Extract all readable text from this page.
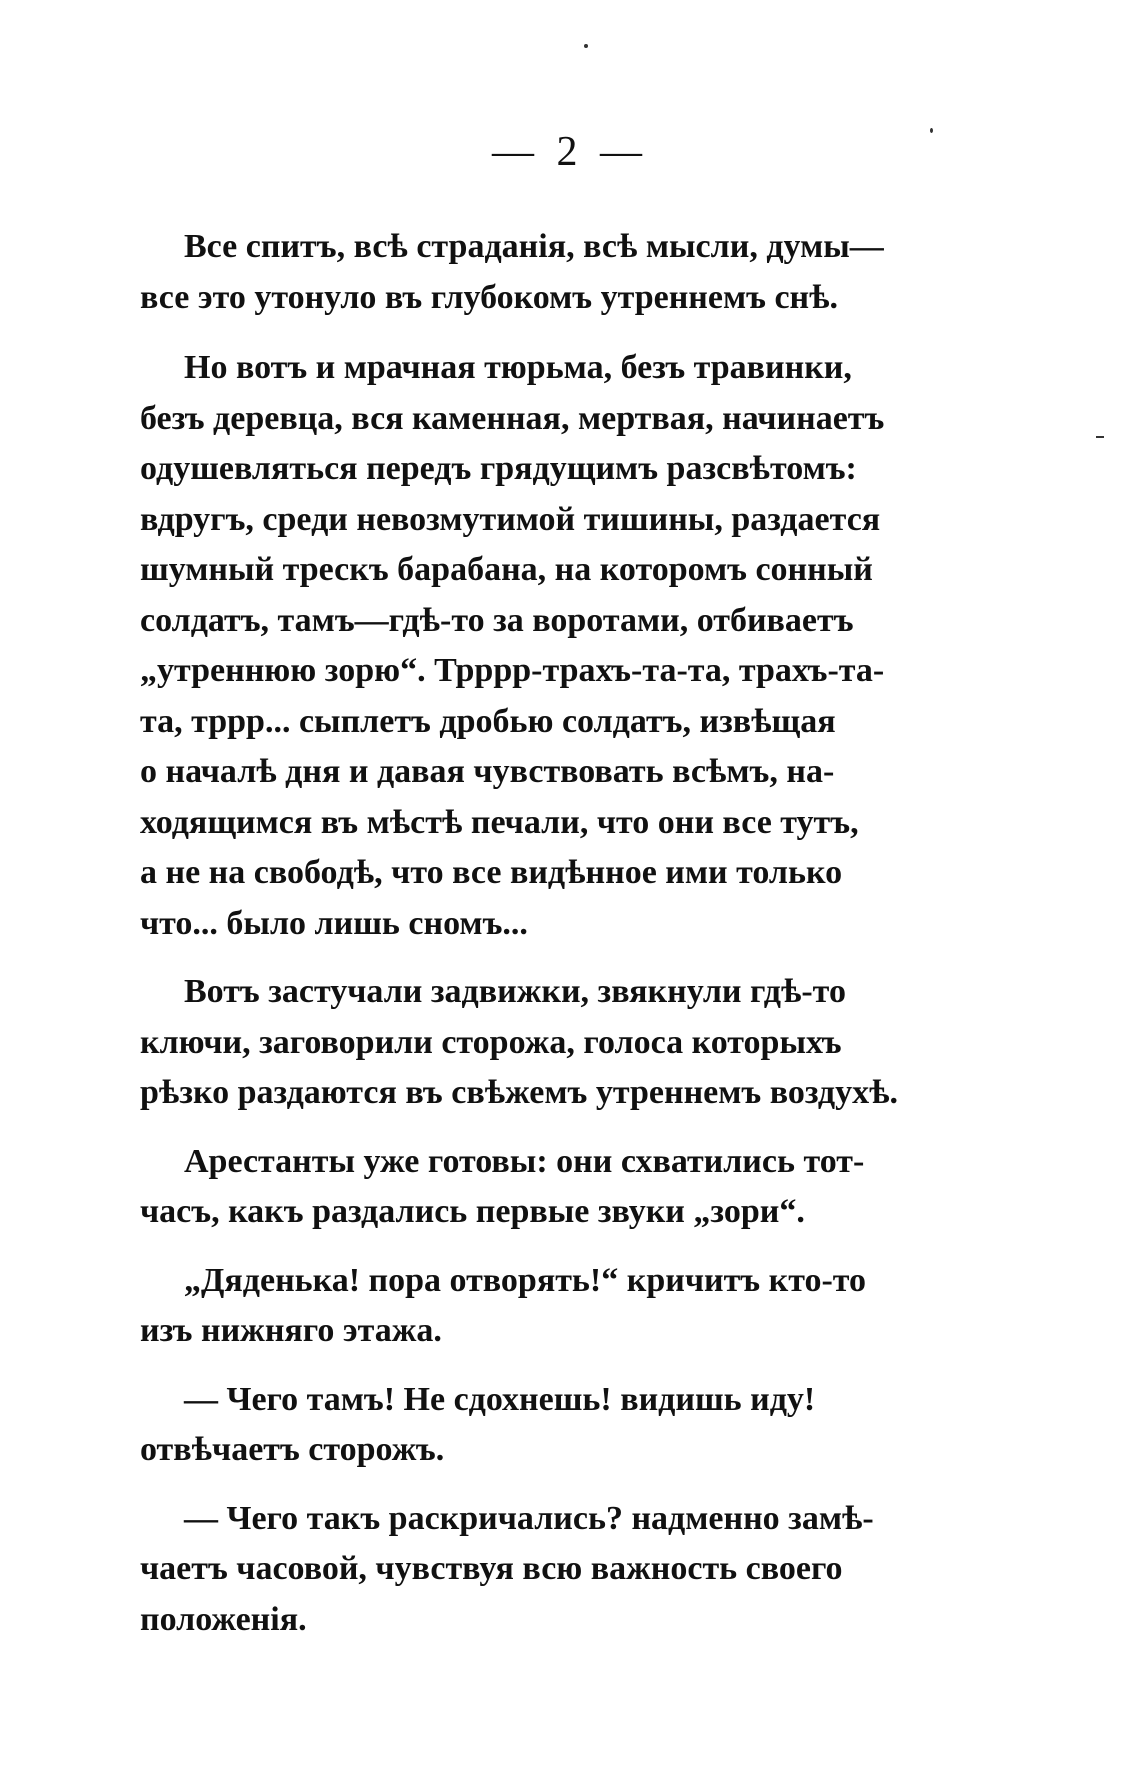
— 2 —

Все спитъ, всѣ страданія, всѣ мысли, думы—
все это утонуло въ глубокомъ утреннемъ снѣ.

Но вотъ и мрачная тюрьма, безъ травинки,
безъ деревца, вся каменная, мертвая, начинаетъ
одушевляться передъ грядущимъ разсвѣтомъ:
вдругъ, среди невозмутимой тишины, раздается
шумный трескъ барабана, на которомъ сонный
солдатъ, тамъ—гдѣ-то за воротами, отбиваетъ
„утреннюю зорю“. Трррр-трахъ-та-та, трахъ-та-
та, тррр... сыплетъ дробью солдатъ, извѣщая
о началѣ дня и давая чувствовать всѣмъ, на-
ходящимся въ мѣстѣ печали, что они все тутъ,
а не на свободѣ, что все видѣнное ими только
что... было лишь сномъ...

Вотъ застучали задвижки, звякнули гдѣ-то
ключи, заговорили сторожа, голоса которыхъ
рѣзко раздаются въ свѣжемъ утреннемъ воздухѣ.

Арестанты уже готовы: они схватились тот-
часъ, какъ раздались первые звуки „зори“.

„Дяденька! пора отворять!“ кричитъ кто-то
изъ нижняго этажа.

— Чего тамъ! Не сдохнешь! видишь иду!
отвѣчаетъ сторожъ.

— Чего такъ раскричались? надменно замѣ-
чаетъ часовой, чувствуя всю важность своего
положенія.
